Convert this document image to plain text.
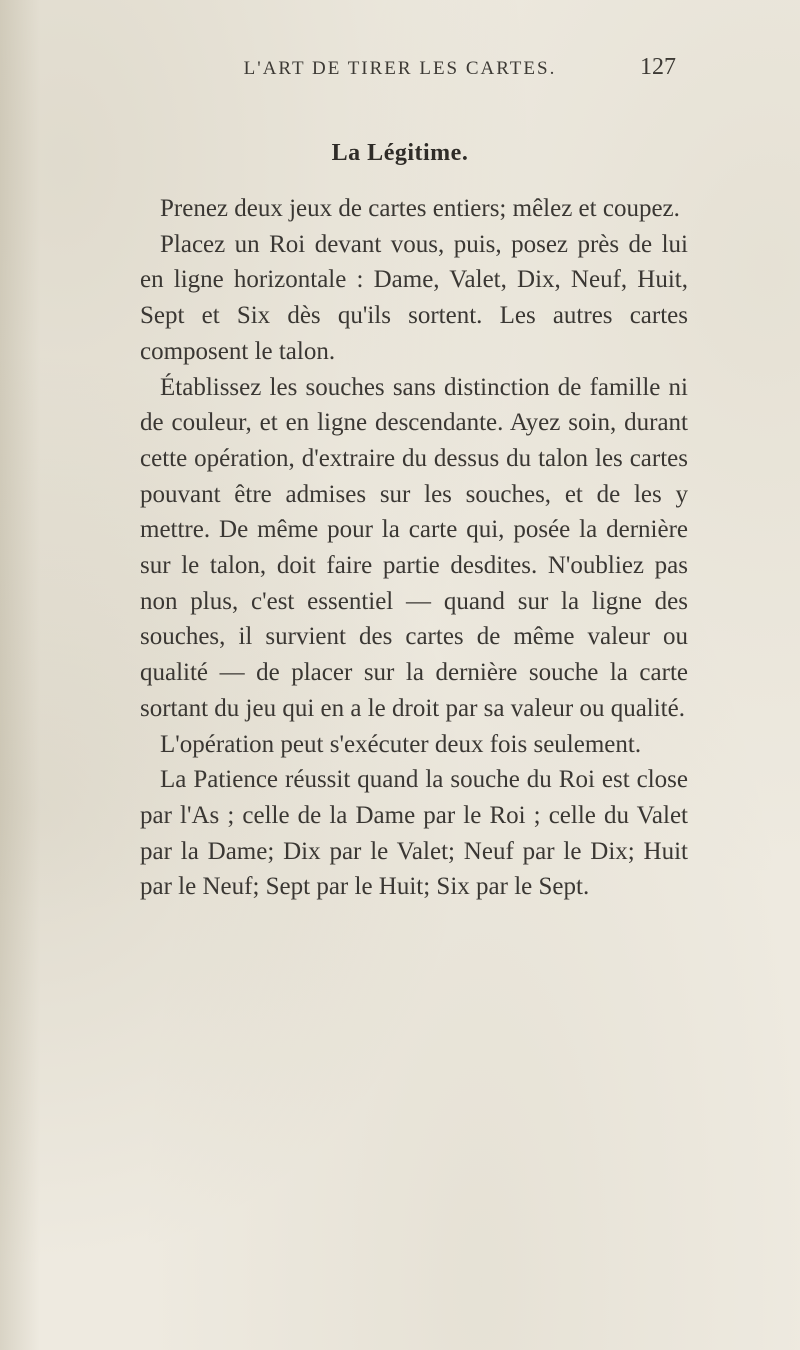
L'ART DE TIRER LES CARTES.	127
La Légitime.

Prenez deux jeux de cartes entiers; mêlez et coupez.

Placez un Roi devant vous, puis, posez près de lui en ligne horizontale : Dame, Valet, Dix, Neuf, Huit, Sept et Six dès qu'ils sortent. Les autres cartes composent le talon.

Établissez les souches sans distinction de famille ni de couleur, et en ligne descendante. Ayez soin, durant cette opération, d'extraire du dessus du talon les cartes pouvant être admises sur les souches, et de les y mettre. De même pour la carte qui, posée la dernière sur le talon, doit faire partie desdites. N'oubliez pas non plus, c'est essentiel — quand sur la ligne des souches, il survient des cartes de même valeur ou qualité — de placer sur la dernière souche la carte sortant du jeu qui en a le droit par sa valeur ou qualité.

L'opération peut s'exécuter deux fois seulement.

La Patience réussit quand la souche du Roi est close par l'As ; celle de la Dame par le Roi ; celle du Valet par la Dame; Dix par le Valet; Neuf par le Dix; Huit par le Neuf; Sept par le Huit; Six par le Sept.
